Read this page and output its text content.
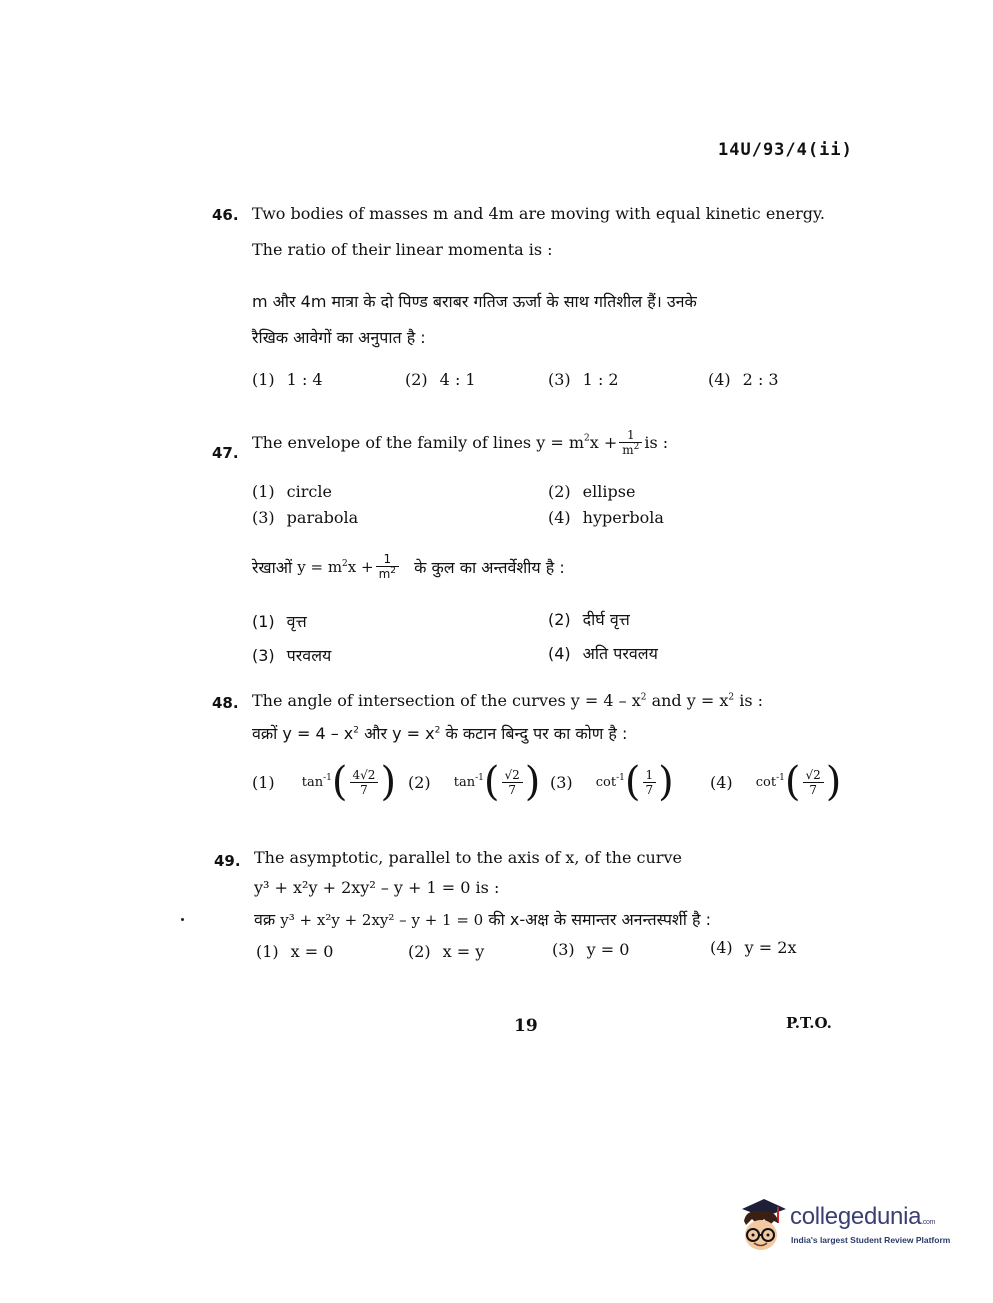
14U/93/4(ii)
46. Two bodies of masses m and 4m are moving with equal kinetic energy.
The ratio of their linear momenta is :
m और 4m मात्रा के दो पिण्ड बराबर गतिज ऊर्जा के साथ गतिशील हैं। उनके
रैखिक आवेगों का अनुपात है :
(1) 1 : 4	(2) 4 : 1	(3) 1 : 2	(4) 2 : 3
47.
The envelope of the family of lines $y = m^2x + \frac{1}{m^2}$ is :
(1) circle	(2) ellipse
(3) parabola	(4) hyperbola
रेखाओं $y = m^2x + \frac{1}{m^2}$ के कुल का अन्तर्वेशीय है :
(1) वृत्त	(2) दीर्घ वृत्त
(3) परवलय	(4) अति परवलय
48. The angle of intersection of the curves $y = 4 - x^2$ and $y = x^2$ is :
वक्रों $y = 4 - x^2$ और $y = x^2$ के कटान बिन्दु पर का कोण है :
(1) $\tan^{-1}( \frac{4√2}{7}$ ) (2) $\tan^{-1}( \frac{√2}{7}$ ) (3) $\cot^{-1}( \frac{1}{7}$ ) (4) $\cot^{-1}( \frac{√2}{7}$ )
49. The asymptotic, parallel to the axis of x, of the curve
y³ + x²y + 2xy² – y + 1 = 0 is :
वक्र y³ + x²y + 2xy² – y + 1 = 0 की x-अक्ष के समान्तर अनन्तस्पर्शी है :
(1) x = 0	(2) x = y	(3) y = 0	(4) y = 2x
19	P.T.O.
collegedunia.com
India's largest Student Review Platform
